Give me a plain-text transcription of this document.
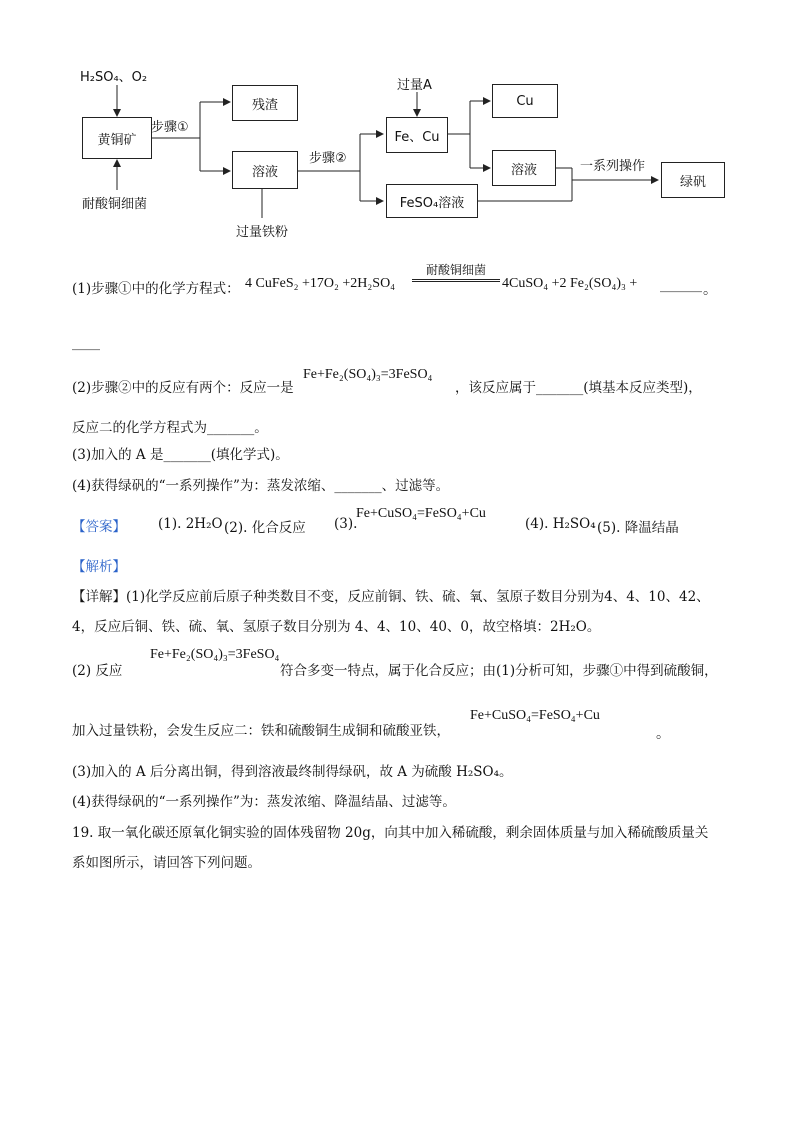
H₂SO₄、O₂
黄铜矿
耐酸铜细菌
步骤①
残渣
溶液
步骤②
过量铁粉
过量A
Fe、Cu
FeSO₄溶液
Cu
溶液	一系列操作
绿矾
(1)步骤①中的化学方程式： 4 CuFeS₂ +17O₂ +2H₂SO₄
耐酸铜细菌
4CuSO₄ +2 Fe₂(SO₄)₃ + ______ 。
____
(2)步骤②中的反应有两个：反应一是
Fe+Fe₂(SO₄)₃=3FeSO₄
，该反应属于_______(填基本反应类型)，
反应二的化学方程式为_______。
(3)加入的 A 是_______(填化学式)。
(4)获得绿矾的“一系列操作”为：蒸发浓缩、_______、过滤等。
【答案】 (1). 2H₂O (2). 化合反应 (3).
Fe+CuSO₄=FeSO₄+Cu
(4). H₂SO₄ (5). 降温结晶
【解析】
【详解】(1)化学反应前后原子种类数目不变，反应前铜、铁、硫、氧、氢原子数目分别为4、4、10、42、
4，反应后铜、铁、硫、氧、氢原子数目分别为 4、4、10、40、0，故空格填：2H₂O。
(2) 反应
Fe+Fe₂(SO₄)₃=3FeSO₄
符合多变一特点，属于化合反应；由(1)分析可知，步骤①中得到硫酸铜，
加入过量铁粉，会发生反应二：铁和硫酸铜生成铜和硫酸亚铁，
Fe+CuSO₄=FeSO₄+Cu
。
(3)加入的 A 后分离出铜，得到溶液最终制得绿矾，故 A 为硫酸 H₂SO₄。
(4)获得绿矾的“一系列操作”为：蒸发浓缩、降温结晶、过滤等。
19. 取一氧化碳还原氧化铜实验的固体残留物 20g，向其中加入稀硫酸，剩余固体质量与加入稀硫酸质量关
系如图所示，请回答下列问题。
